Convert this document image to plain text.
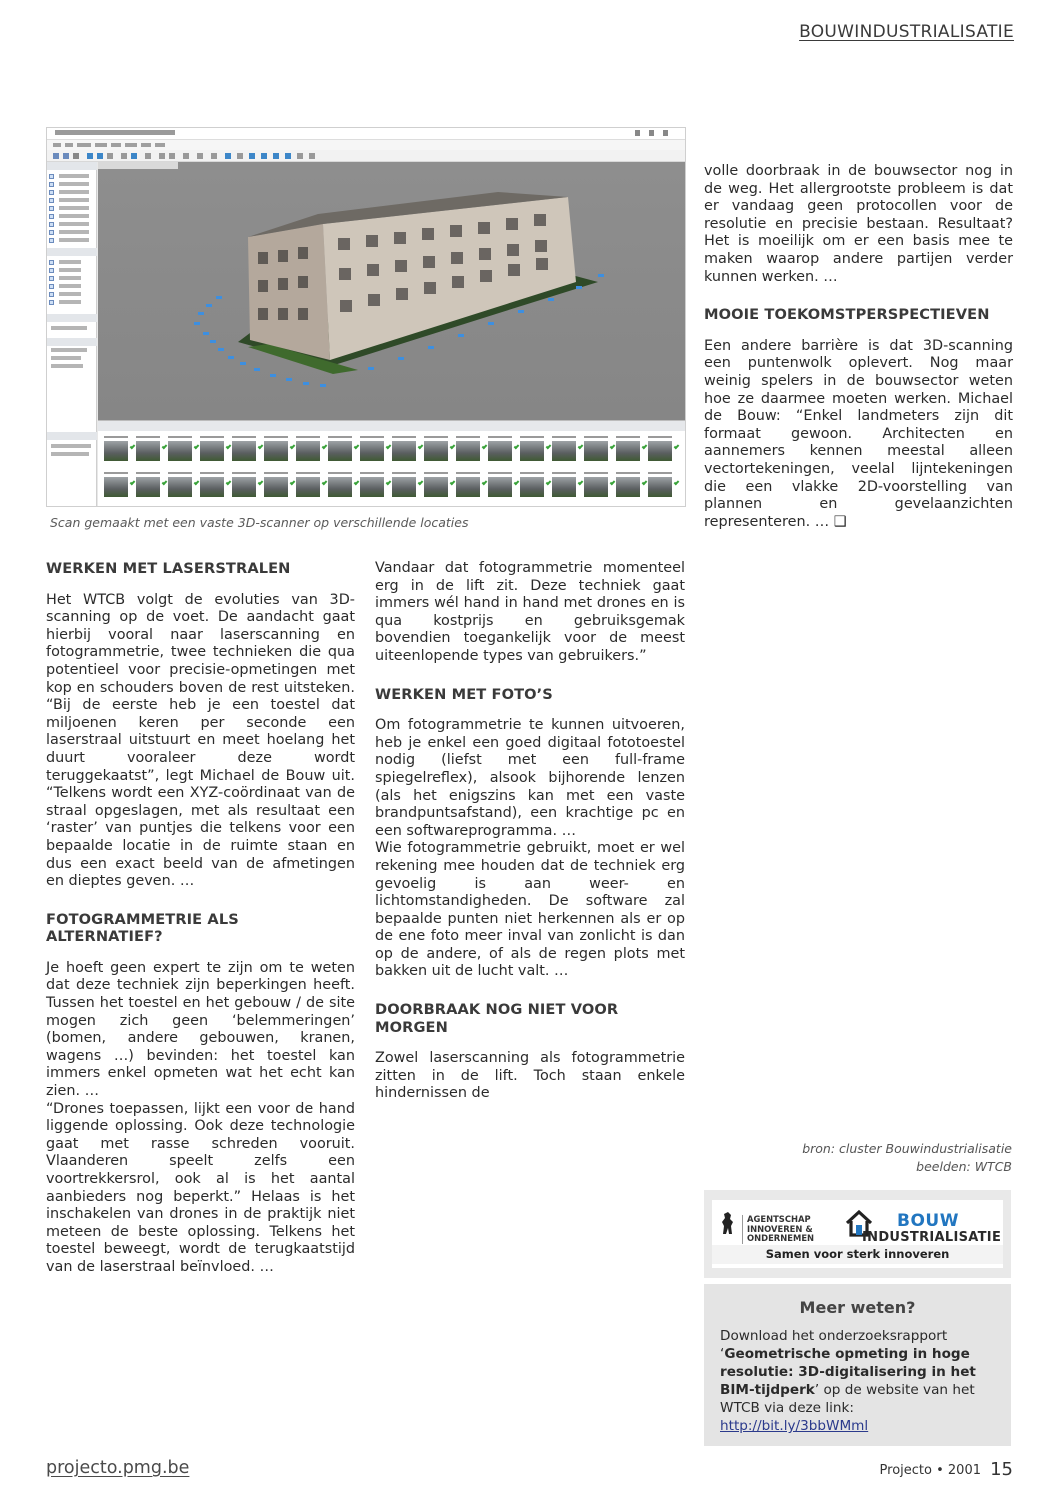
BOUWINDUSTRIALISATIE
Scan gemaakt met een vaste 3D-scanner op verschillende locaties
WERKEN MET LASERSTRALEN

Het WTCB volgt de evoluties van 3D-scanning op de voet. De aandacht gaat hierbij vooral naar laserscanning en fotogrammetrie, twee technieken die qua potentieel voor precisie-opmetingen met kop en schouders boven de rest uitsteken. “Bij de eerste heb je een toestel dat miljoenen keren per seconde een laserstraal uitstuurt en meet hoelang het duurt vooraleer deze wordt teruggekaatst”, legt Michael de Bouw uit. “Telkens wordt een XYZ-coördinaat van de straal opgeslagen, met als resultaat een ‘raster’ van puntjes die telkens voor een bepaalde locatie in de ruimte staan en dus een exact beeld van de afmetingen en dieptes geven. …

FOTOGRAMMETRIE ALS ALTERNATIEF?

Je hoeft geen expert te zijn om te weten dat deze techniek zijn beperkingen heeft. Tussen het toestel en het gebouw / de site mogen zich geen ‘belemmeringen’ (bomen, andere gebouwen, kranen, wagens …) bevinden: het toestel kan immers enkel opmeten wat het echt kan zien. …

“Drones toepassen, lijkt een voor de hand liggende oplossing. Ook deze technologie gaat met rasse schreden vooruit. Vlaanderen speelt zelfs een voortrekkersrol, ook al is het aantal aanbieders nog beperkt.” Helaas is het inschakelen van drones in de praktijk niet meteen de beste oplossing. Telkens het toestel beweegt, wordt de terugkaatstijd van de laserstraal beïnvloed. …

Vandaar dat fotogrammetrie momenteel erg in de lift zit. Deze techniek gaat immers wél hand in hand met drones en is qua kostprijs en gebruiksgemak bovendien toegankelijk voor de meest uiteenlopende types van gebruikers.”

WERKEN MET FOTO’S

Om fotogrammetrie te kunnen uitvoeren, heb je enkel een goed digitaal fototoestel nodig (liefst met een full-frame spiegelreflex), alsook bijhorende lenzen (als het enigszins kan met een vaste brandpuntsafstand), een krachtige pc en een softwareprogramma. …

Wie fotogrammetrie gebruikt, moet er wel rekening mee houden dat de techniek erg gevoelig is aan weer- en lichtomstandigheden. De software zal bepaalde punten niet herkennen als er op de ene foto meer inval van zonlicht is dan op de andere, of als de regen plots met bakken uit de lucht valt. …

DOORBRAAK NOG NIET VOOR MORGEN

Zowel laserscanning als fotogrammetrie zitten in de lift. Toch staan enkele hindernissen de

volle doorbraak in de bouwsector nog in de weg. Het allergrootste probleem is dat er vandaag geen protocollen voor de resolutie en precisie bestaan. Resultaat? Het is moeilijk om er een basis mee te maken waarop andere partijen verder kunnen werken. …

MOOIE TOEKOMSTPERSPECTIEVEN

Een andere barrière is dat 3D-scanning een puntenwolk oplevert. Nog maar weinig spelers in de bouwsector weten hoe ze daarmee moeten werken. Michael de Bouw: “Enkel landmeters zijn dit formaat gewoon. Architecten en aannemers kennen meestal alleen vectortekeningen, veelal lijntekeningen die een vlakke 2D-voorstelling van plannen en gevelaanzichten representeren. … ❑

bron: cluster Bouwindustrialisatie
beelden: WTCB
AGENTSCHAP
INNOVEREN &
ONDERNEMEN
BOUW
INDUSTRIALISATIE
Samen voor sterk innoveren
Meer weten?
Download het onderzoeksrapport ‘Geometrische opmeting in hoge resolutie: 3D-digitalisering in het BIM-tijdperk’ op de website van het WTCB via deze link: http://bit.ly/3bbWMml
projecto.pmg.be	Projecto • 2001 15
